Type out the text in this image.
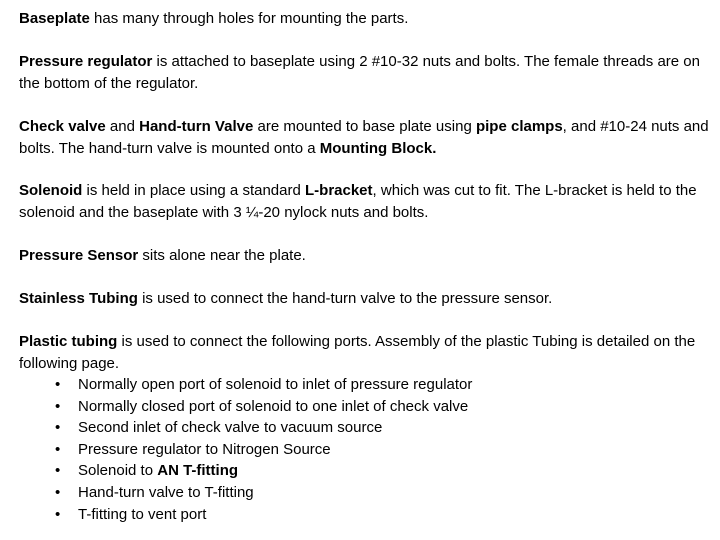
Baseplate has many through holes for mounting the parts.

Pressure regulator is attached to baseplate using 2 #10-32 nuts and bolts. The female threads are on the bottom of the regulator.

Check valve and Hand-turn Valve are mounted to base plate using pipe clamps, and #10-24 nuts and bolts. The hand-turn valve is mounted onto a Mounting Block.

Solenoid is held in place using a standard L-bracket, which was cut to fit. The L-bracket is held to the solenoid and the baseplate with 3 ¼-20 nylock nuts and bolts.

Pressure Sensor sits alone near the plate.

Stainless Tubing is used to connect the hand-turn valve to the pressure sensor.

Plastic tubing is used to connect the following ports. Assembly of the plastic Tubing is detailed on the following page.

• Normally open port of solenoid to inlet of pressure regulator
• Normally closed port of solenoid to one inlet of check valve
• Second inlet of check valve to vacuum source
• Pressure regulator to Nitrogen Source
• Solenoid to AN T-fitting
• Hand-turn valve to T-fitting
• T-fitting to vent port
